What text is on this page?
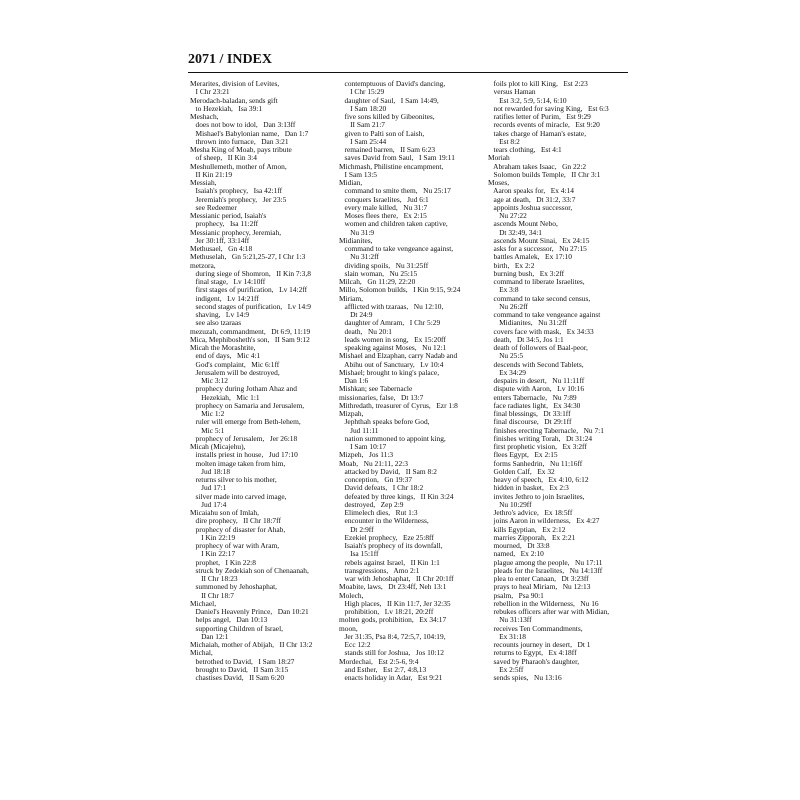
2071 / INDEX
Merarites, division of Levites,
I Chr 23:21
Merodach-baladan, sends gift
to Hezekiah,   Isa 39:1
Meshach,
does not bow to idol,   Dan 3:13ff
Mishael's Babylonian name,   Dan 1:7
thrown into furnace,   Dan 3:21
Mesha King of Moab, pays tribute
of sheep,   II Kin 3:4
Meshullemeth, mother of Amon,
II Kin 21:19
Messiah,
Isaiah's prophecy,   Isa 42:1ff
Jeremiah's prophecy,   Jer 23:5
see Redeemer
Messianic period, Isaiah's
prophecy,   Isa 11:2ff
Messianic prophecy, Jeremiah,
Jer 30:1ff, 33:14ff
Methusael,   Gn 4:18
Methuselah,   Gn 5:21,25-27, I Chr 1:3
metzora,
during siege of Shomron,   II Kin 7:3,8
final stage,   Lv 14:10ff
first stages of purification,   Lv 14:2ff
indigent,   Lv 14:21ff
second stages of purification,   Lv 14:9
shaving,   Lv 14:9
see also tzaraas
mezuzah, commandment,   Dt 6:9, 11:19
Mica, Mephibosheth's son,   II Sam 9:12
Micah the Morashtite,
end of days,   Mic 4:1
God's complaint,   Mic 6:1ff
Jerusalem will be destroyed,
Mic 3:12
prophecy during Jotham Ahaz and
Hezekiah,   Mic 1:1
prophecy on Samaria and Jerusalem,
Mic 1:2
ruler will emerge from Beth-lehem,
Mic 5:1
prophecy of Jerusalem,   Jer 26:18
Micah (Micajehu),
installs priest in house,   Jud 17:10
molten image taken from him,
Jud 18:18
returns silver to his mother,
Jud 17:1
silver made into carved image,
Jud 17:4
Micaiahu son of Imlah,
dire prophecy,   II Chr 18:7ff
prophecy of disaster for Ahab,
I Kin 22:19
prophecy of war with Aram,
I Kin 22:17
prophet,   I Kin 22:8
struck by Zedekiah son of Chenaanah,
II Chr 18:23
summoned by Jehoshaphat,
II Chr 18:7
Michael,
Daniel's Heavenly Prince,   Dan 10:21
helps angel,   Dan 10:13
supporting Children of Israel,
Dan 12:1
Michaiah, mother of Abijah,   II Chr 13:2
Michal,
betrothed to David,   I Sam 18:27
brought to David,   II Sam 3:15
chastises David,   II Sam 6:20
contemptuous of David's dancing,
I Chr 15:29
daughter of Saul,   I Sam 14:49,
I Sam 18:20
five sons killed by Gibeonites,
II Sam 21:7
given to Palti son of Laish,
I Sam 25:44
remained barren,   II Sam 6:23
saves David from Saul,   I Sam 19:11
Michmash, Philistine encampment,
I Sam 13:5
Midian,
command to smite them,   Nu 25:17
conquers Israelites,   Jud 6:1
every male killed,   Nu 31:7
Moses flees there,   Ex 2:15
women and children taken captive,
Nu 31:9
Midianites,
command to take vengeance against,
Nu 31:2ff
dividing spoils,   Nu 31:25ff
slain woman,   Nu 25:15
Milcah,   Gn 11:29, 22:20
Millo, Solomon builds,   I Kin 9:15, 9:24
Miriam,
afflicted with tzaraas,   Nu 12:10,
Dt 24:9
daughter of Amram,   I Chr 5:29
death,   Nu 20:1
leads women in song,   Ex 15:20ff
speaking against Moses,   Nu 12:1
Mishael and Elzaphan, carry Nadab and
Abihu out of Sanctuary,   Lv 10:4
Mishael; brought to king's palace,
Dan 1:6
Mishkan; see Tabernacle
missionaries, false,   Dt 13:7
Mithredath, treasurer of Cyrus,   Ezr 1:8
Mizpah,
Jephthah speaks before God,
Jud 11:11
nation summoned to appoint king,
I Sam 10:17
Mizpeh,   Jos 11:3
Moab,   Nu 21:11, 22:3
attacked by David,   II Sam 8:2
conception,   Gn 19:37
David defeats,   I Chr 18:2
defeated by three kings,   II Kin 3:24
destroyed,   Zep 2:9
Elimelech dies,   Rut 1:3
encounter in the Wilderness,
Dt 2:9ff
Ezekiel prophecy,   Eze 25:8ff
Isaiah's prophecy of its downfall,
Isa 15:1ff
rebels against Israel,   II Kin 1:1
transgressions,   Amo 2:1
war with Jehoshaphat,   II Chr 20:1ff
Moabite, laws,   Dt 23:4ff, Neh 13:1
Molech,
High places,   II Kin 11:7, Jer 32:35
prohibition,   Lv 18:21, 20:2ff
molten gods, prohibition,   Ex 34:17
moon,
Jer 31:35, Psa 8:4, 72:5,7, 104:19,
Ecc 12:2
stands still for Joshua,   Jos 10:12
Mordechai,   Est 2:5-6, 9:4
and Esther,   Est 2:7, 4:8,13
enacts holiday in Adar,   Est 9:21
foils plot to kill King,   Est 2:23
versus Haman
Est 3:2, 5:9, 5:14, 6:10
not rewarded for saving King,   Est 6:3
ratifies letter of Purim,   Est 9:29
records events of miracle,   Est 9:20
takes charge of Haman's estate,
Est 8:2
tears clothing,   Est 4:1
Moriah
Abraham takes Isaac,   Gn 22:2
Solomon builds Temple,   II Chr 3:1
Moses,
Aaron speaks for,   Ex 4:14
age at death,   Dt 31:2, 33:7
appoints Joshua successor,
Nu 27:22
ascends Mount Nebo,
Dt 32:49, 34:1
ascends Mount Sinai,   Ex 24:15
asks for a successor,   Nu 27:15
battles Amalek,   Ex 17:10
birth,   Ex 2:2
burning bush,   Ex 3:2ff
command to liberate Israelites,
Ex 3:8
command to take second census,
Nu 26:2ff
command to take vengeance against
Midianites,   Nu 31:2ff
covers face with mask,   Ex 34:33
death,   Dt 34:5, Jos 1:1
death of followers of Baal-peor,
Nu 25:5
descends with Second Tablets,
Ex 34:29
despairs in desert,   Nu 11:11ff
dispute with Aaron,   Lv 10:16
enters Tabernacle,   Nu 7:89
face radiates light,   Ex 34:30
final blessings,   Dt 33:1ff
final discourse,   Dt 29:1ff
finishes erecting Tabernacle,   Nu 7:1
finishes writing Torah,   Dt 31:24
first prophetic vision,   Ex 3:2ff
flees Egypt,   Ex 2:15
forms Sanhedrin,   Nu 11:16ff
Golden Calf,   Ex 32
heavy of speech,   Ex 4:10, 6:12
hidden in basket,   Ex 2:3
invites Jethro to join Israelites,
Nu 10:29ff
Jethro's advice,   Ex 18:5ff
joins Aaron in wilderness,   Ex 4:27
kills Egyptian,   Ex 2:12
marries Zipporah,   Ex 2:21
mourned,   Dt 33:8
named,   Ex 2:10
plague among the people,   Nu 17:11
pleads for the Israelites,   Nu 14:13ff
plea to enter Canaan,   Dt 3:23ff
prays to heal Miriam,   Nu 12:13
psalm,   Psa 90:1
rebellion in the Wilderness,   Nu 16
rebukes officers after war with Midian,
Nu 31:13ff
receives Ten Commandments,
Ex 31:18
recounts journey in desert,   Dt 1
returns to Egypt,   Ex 4:18ff
saved by Pharaoh's daughter,
Ex 2:5ff
sends spies,   Nu 13:16
